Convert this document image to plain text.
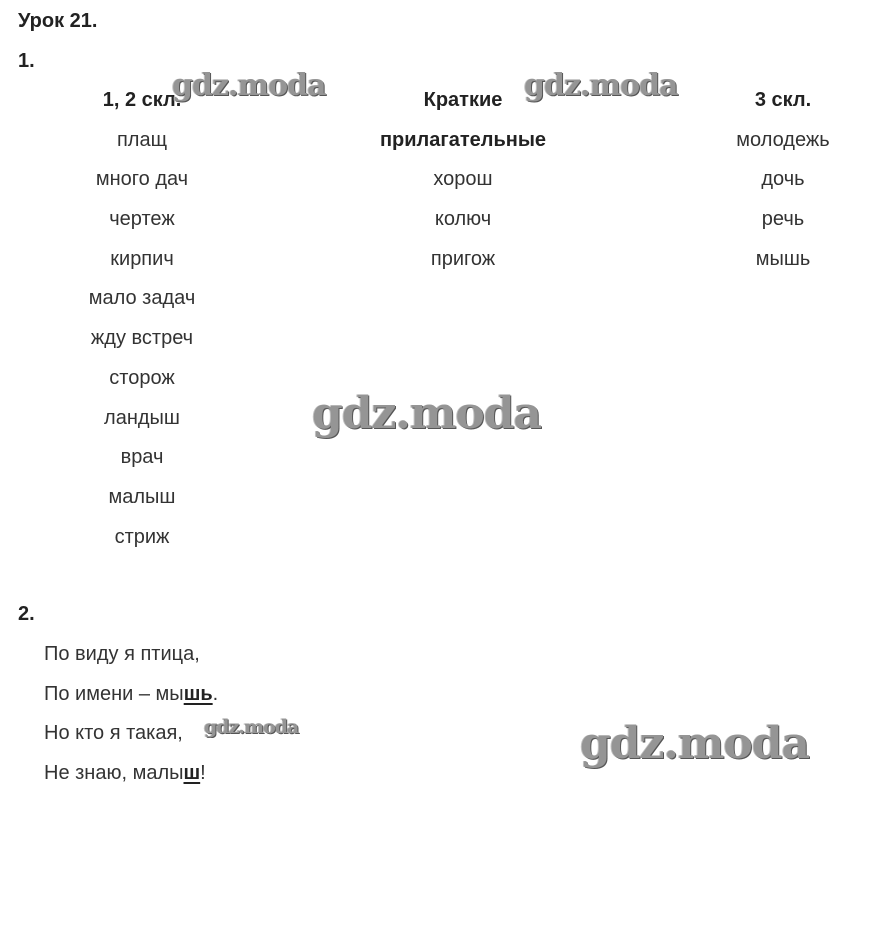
Урок 21.
1.
1, 2 скл.
плащ
много дач
чертеж
кирпич
мало задач
жду встреч
сторож
ландыш
врач
малыш
стриж
Краткие
прилагательные
хорош
колюч
пригож
3 скл.
молодежь
дочь
речь
мышь
2.
По виду я птица,
По имени – мышь.
Но кто я такая,
Не знаю, малыш!
gdz.moda	gdz.moda
gdz.moda
gdz.moda	gdz.moda
